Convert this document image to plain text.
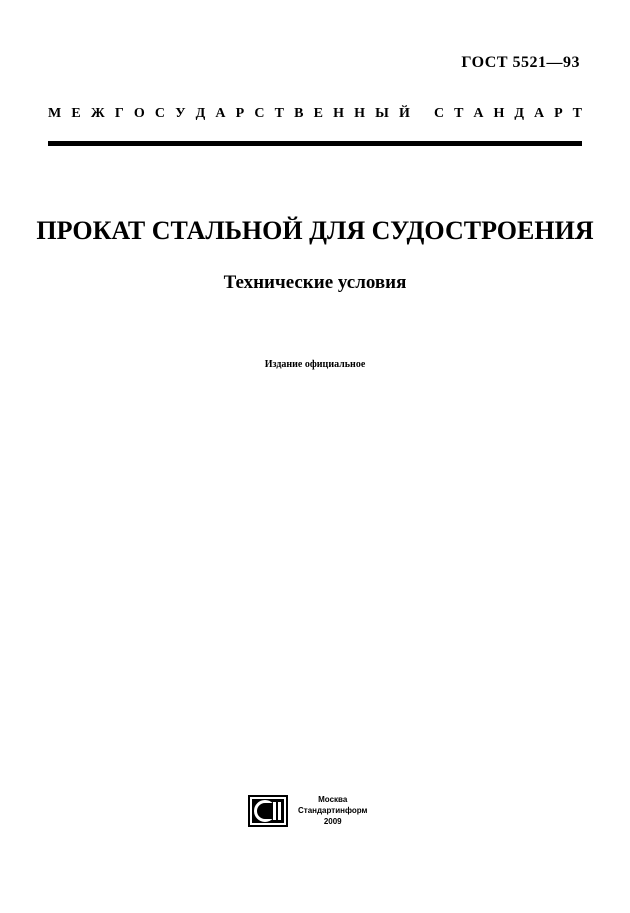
ГОСТ 5521—93
М Е Ж Г О С У Д А Р С Т В Е Н Н Ы Й С Т А Н Д А Р Т
ПРОКАТ СТАЛЬНОЙ ДЛЯ СУДОСТРОЕНИЯ
Технические условия
Издание официальное
Москва
Стандартинформ
2009
